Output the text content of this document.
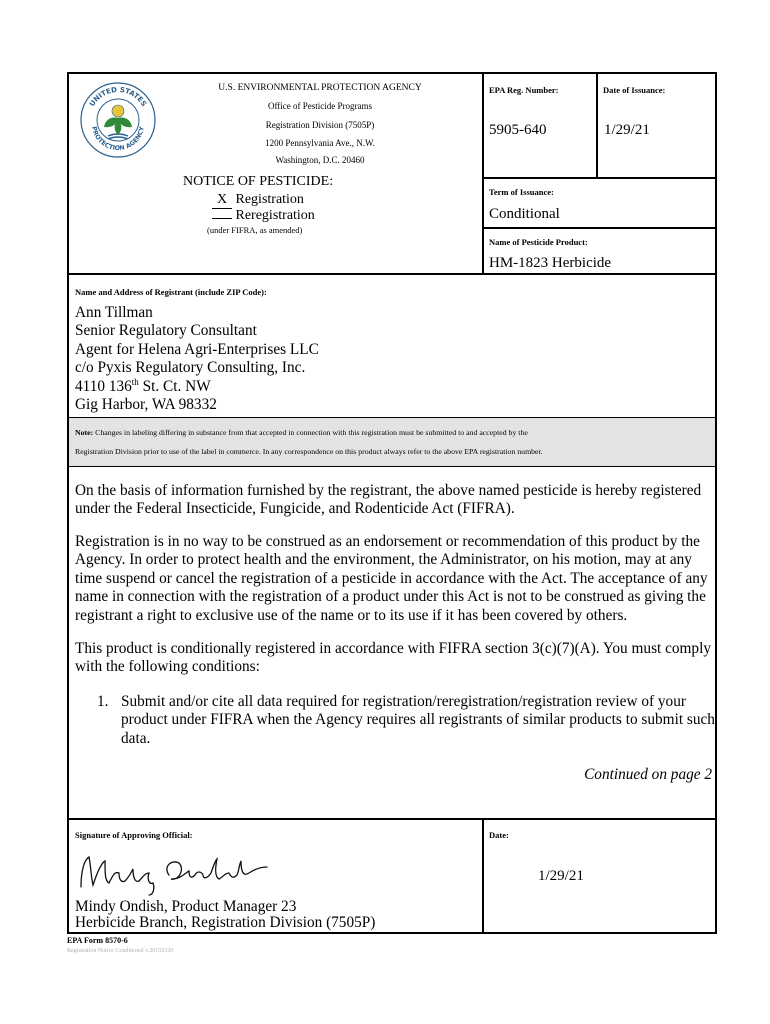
UNITED STATES
PROTECTION AGENCY
U.S. ENVIRONMENTAL PROTECTION AGENCY
Office of Pesticide Programs
Registration Division (7505P)
1200 Pennsylvania Ave., N.W.
Washington, D.C. 20460
NOTICE OF PESTICIDE:
X Registration
Reregistration
(under FIFRA, as amended)
EPA Reg. Number:
5905-640
Date of Issuance:
1/29/21
Term of Issuance:
Conditional
Name of Pesticide Product:
HM-1823 Herbicide
Name and Address of Registrant (include ZIP Code):
Ann Tillman
Senior Regulatory Consultant
Agent for Helena Agri-Enterprises LLC
c/o Pyxis Regulatory Consulting, Inc.
4110 136th St. Ct. NW
Gig Harbor, WA 98332
Note: Changes in labeling differing in substance from that accepted in connection with this registration must be submitted to and accepted by the
Registration Division prior to use of the label in commerce. In any correspondence on this product always refer to the above EPA registration number.
On the basis of information furnished by the registrant, the above named pesticide is hereby registered
under the Federal Insecticide, Fungicide, and Rodenticide Act (FIFRA).
Registration is in no way to be construed as an endorsement or recommendation of this product by the
Agency. In order to protect health and the environment, the Administrator, on his motion, may at any
time suspend or cancel the registration of a pesticide in accordance with the Act. The acceptance of any
name in connection with the registration of a product under this Act is not to be construed as giving the
registrant a right to exclusive use of the name or to its use if it has been covered by others.
This product is conditionally registered in accordance with FIFRA section 3(c)(7)(A). You must comply
with the following conditions:
1. Submit and/or cite all data required for registration/reregistration/registration review of your
product under FIFRA when the Agency requires all registrants of similar products to submit such
data.
Continued on page 2
Signature of Approving Official:
Mindy Ondish, Product Manager 23
Herbicide Branch, Registration Division (7505P)
Date:
1/29/21
EPA Form 8570-6
Registration Notice Conditional v.20150320
